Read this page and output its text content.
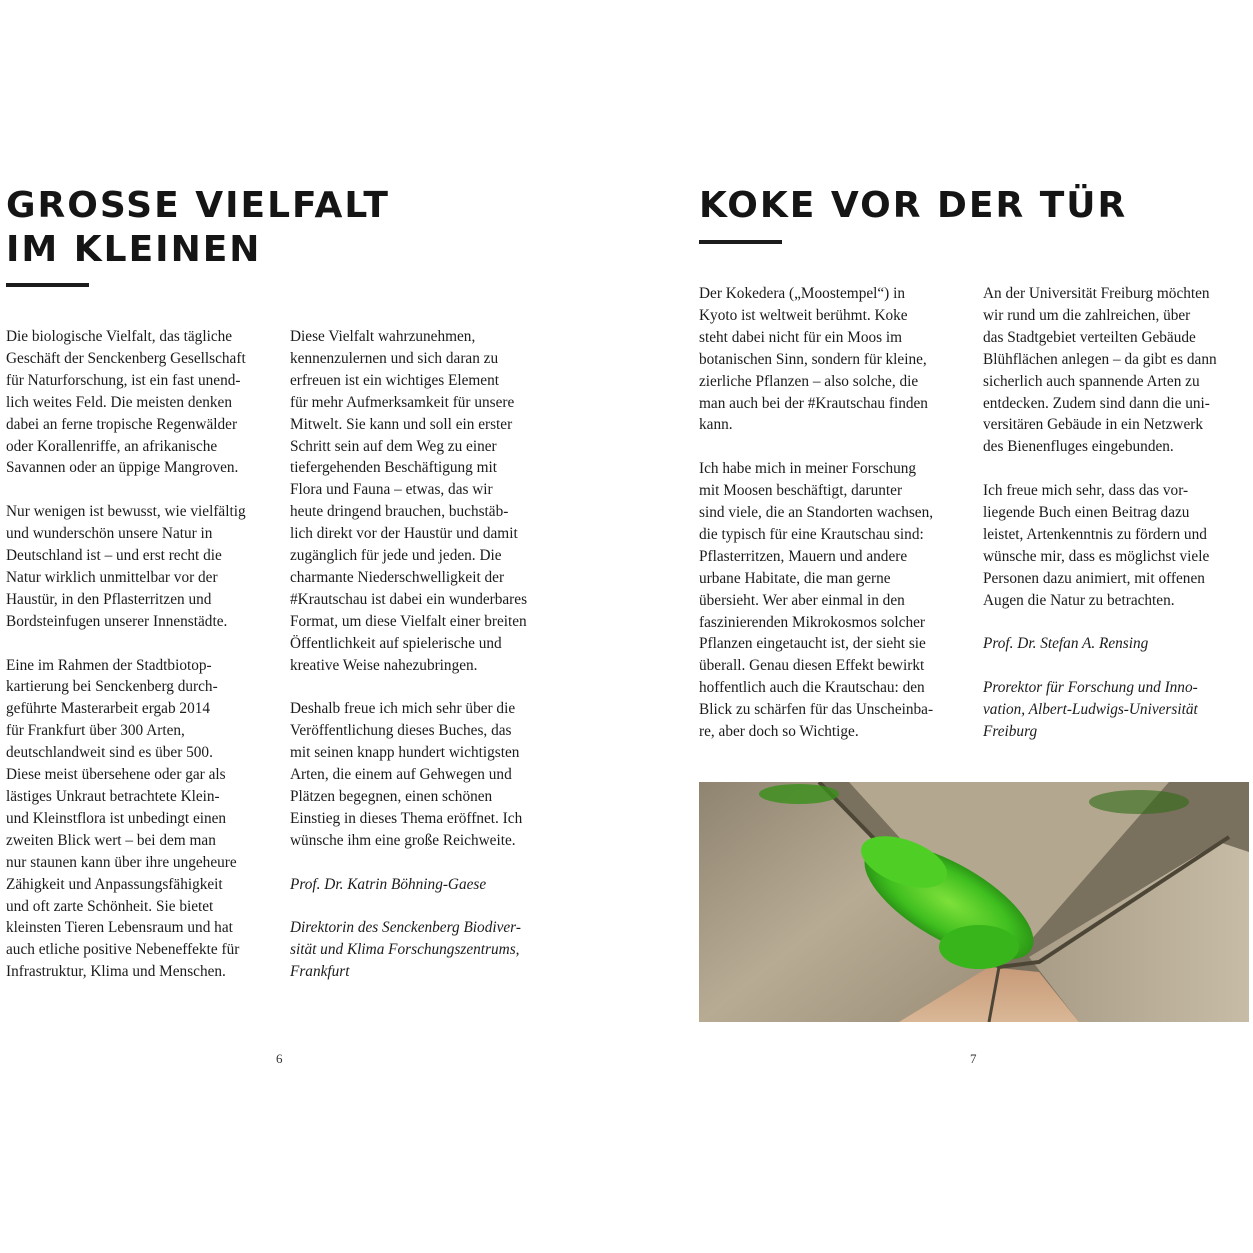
GROSSE VIELFALT
IM KLEINEN

Die biologische Vielfalt, das tägliche
Geschäft der Senckenberg Gesellschaft
für Naturforschung, ist ein fast unend-
lich weites Feld. Die meisten denken
dabei an ferne tropische Regenwälder
oder Korallenriffe, an afrikanische
Savannen oder an üppige Mangroven.

Nur wenigen ist bewusst, wie vielfältig
und wunderschön unsere Natur in
Deutschland ist – und erst recht die
Natur wirklich unmittelbar vor der
Haustür, in den Pflasterritzen und
Bordsteinfugen unserer Innenstädte.

Eine im Rahmen der Stadtbiotop-
kartierung bei Senckenberg durch-
geführte Masterarbeit ergab 2014
für Frankfurt über 300 Arten,
deutschlandweit sind es über 500.
Diese meist übersehene oder gar als
lästiges Unkraut betrachtete Klein-
und Kleinstflora ist unbedingt einen
zweiten Blick wert – bei dem man
nur staunen kann über ihre ungeheure
Zähigkeit und Anpassungsfähigkeit
und oft zarte Schönheit. Sie bietet
kleinsten Tieren Lebensraum und hat
auch etliche positive Nebeneffekte für
Infrastruktur, Klima und Menschen.

Diese Vielfalt wahrzunehmen,
kennenzulernen und sich daran zu
erfreuen ist ein wichtiges Element
für mehr Aufmerksamkeit für unsere
Mitwelt. Sie kann und soll ein erster
Schritt sein auf dem Weg zu einer
tiefergehenden Beschäftigung mit
Flora und Fauna – etwas, das wir
heute dringend brauchen, buchstäb-
lich direkt vor der Haustür und damit
zugänglich für jede und jeden. Die
charmante Niederschwelligkeit der
#Krautschau ist dabei ein wunderbares
Format, um diese Vielfalt einer breiten
Öffentlichkeit auf spielerische und
kreative Weise nahezubringen.

Deshalb freue ich mich sehr über die
Veröffentlichung dieses Buches, das
mit seinen knapp hundert wichtigsten
Arten, die einem auf Gehwegen und
Plätzen begegnen, einen schönen
Einstieg in dieses Thema eröffnet. Ich
wünsche ihm eine große Reichweite.

Prof. Dr. Katrin Böhning-Gaese

Direktorin des Senckenberg Biodiver-
sität und Klima Forschungszentrums,
Frankfurt

6
KOKE VOR DER TÜR

Der Kokedera („Moostempel“) in
Kyoto ist weltweit berühmt. Koke
steht dabei nicht für ein Moos im
botanischen Sinn, sondern für kleine,
zierliche Pflanzen – also solche, die
man auch bei der #Krautschau finden
kann.

Ich habe mich in meiner Forschung
mit Moosen beschäftigt, darunter
sind viele, die an Standorten wachsen,
die typisch für eine Krautschau sind:
Pflasterritzen, Mauern und andere
urbane Habitate, die man gerne
übersieht. Wer aber einmal in den
faszinierenden Mikrokosmos solcher
Pflanzen eingetaucht ist, der sieht sie
überall. Genau diesen Effekt bewirkt
hoffentlich auch die Krautschau: den
Blick zu schärfen für das Unscheinba-
re, aber doch so Wichtige.

An der Universität Freiburg möchten
wir rund um die zahlreichen, über
das Stadtgebiet verteilten Gebäude
Blühflächen anlegen – da gibt es dann
sicherlich auch spannende Arten zu
entdecken. Zudem sind dann die uni-
versitären Gebäude in ein Netzwerk
des Bienenfluges eingebunden.

Ich freue mich sehr, dass das vor-
liegende Buch einen Beitrag dazu
leistet, Artenkenntnis zu fördern und
wünsche mir, dass es möglichst viele
Personen dazu animiert, mit offenen
Augen die Natur zu betrachten.

Prof. Dr. Stefan A. Rensing

Prorektor für Forschung und Inno-
vation, Albert-Ludwigs-Universität
Freiburg

7
